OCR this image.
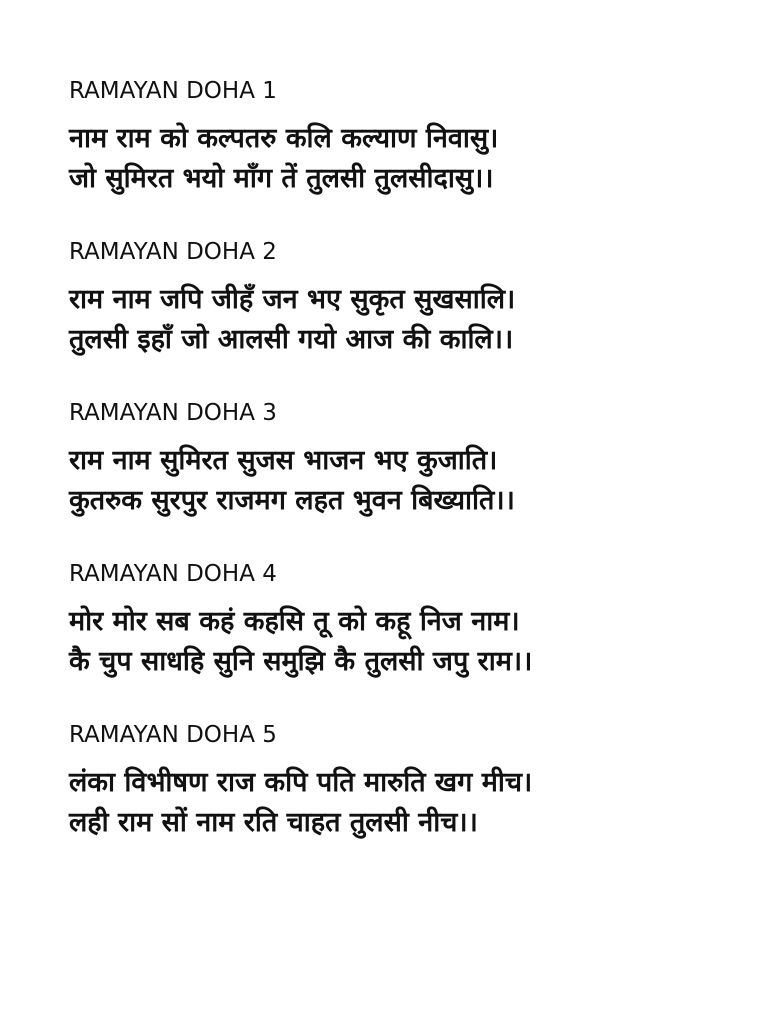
RAMAYAN DOHA 1

नाम राम को कल्पतरु कलि कल्याण निवासु।

जो सुमिरत भयो माँग तें तुलसी तुलसीदासु।।

RAMAYAN DOHA 2

राम नाम जपि जीहँ जन भए सुकृत सुखसालि।

तुलसी इहाँ जो आलसी गयो आज की कालि।।

RAMAYAN DOHA 3

राम नाम सुमिरत सुजस भाजन भए कुजाति।

कुतरुक सुरपुर राजमग लहत भुवन बिख्याति।।

RAMAYAN DOHA 4

मोर मोर सब कहं कहसि तू को कहू निज नाम।

कै चुप साधहि सुनि समुझि कै तुलसी जपु राम।।

RAMAYAN DOHA 5

लंका विभीषण राज कपि पति मारुति खग मीच।

लही राम सों नाम रति चाहत तुलसी नीच।।
